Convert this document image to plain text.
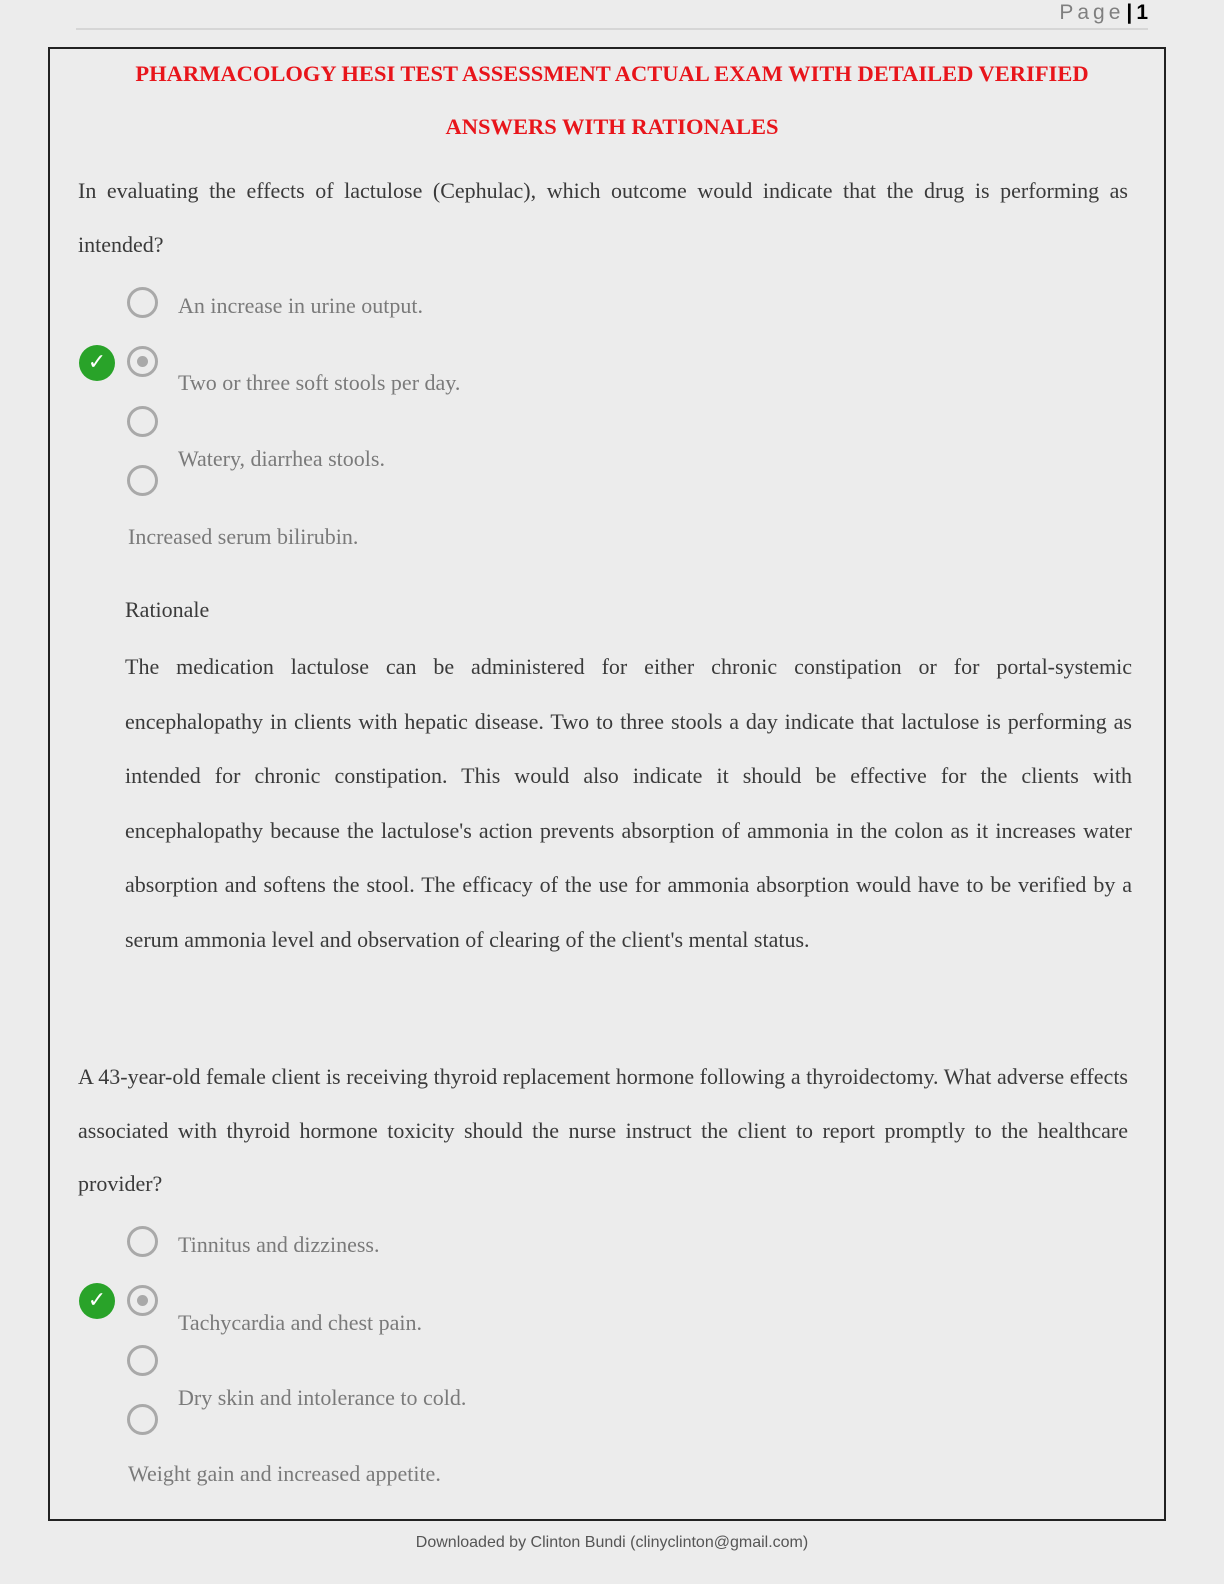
Page| 1
PHARMACOLOGY HESI TEST ASSESSMENT ACTUAL EXAM WITH DETAILED VERIFIED
ANSWERS WITH RATIONALES
In evaluating the effects of lactulose (Cephulac), which outcome would indicate that the drug is performing as intended?
An increase in urine output.
✓
Two or three soft stools per day.
Watery, diarrhea stools.
Increased serum bilirubin.
Rationale
The medication lactulose can be administered for either chronic constipation or for portal-systemic encephalopathy in clients with hepatic disease. Two to three stools a day indicate that lactulose is performing as intended for chronic constipation. This would also indicate it should be effective for the clients with encephalopathy because the lactulose's action prevents absorption of ammonia in the colon as it increases water absorption and softens the stool. The efficacy of the use for ammonia absorption would have to be verified by a serum ammonia level and observation of clearing of the client's mental status.
A 43-year-old female client is receiving thyroid replacement hormone following a thyroidectomy. What adverse effects associated with thyroid hormone toxicity should the nurse instruct the client to report promptly to the healthcare provider?
Tinnitus and dizziness.
✓
Tachycardia and chest pain.
Dry skin and intolerance to cold.
Weight gain and increased appetite.
Downloaded by Clinton Bundi (clinyclinton@gmail.com)
